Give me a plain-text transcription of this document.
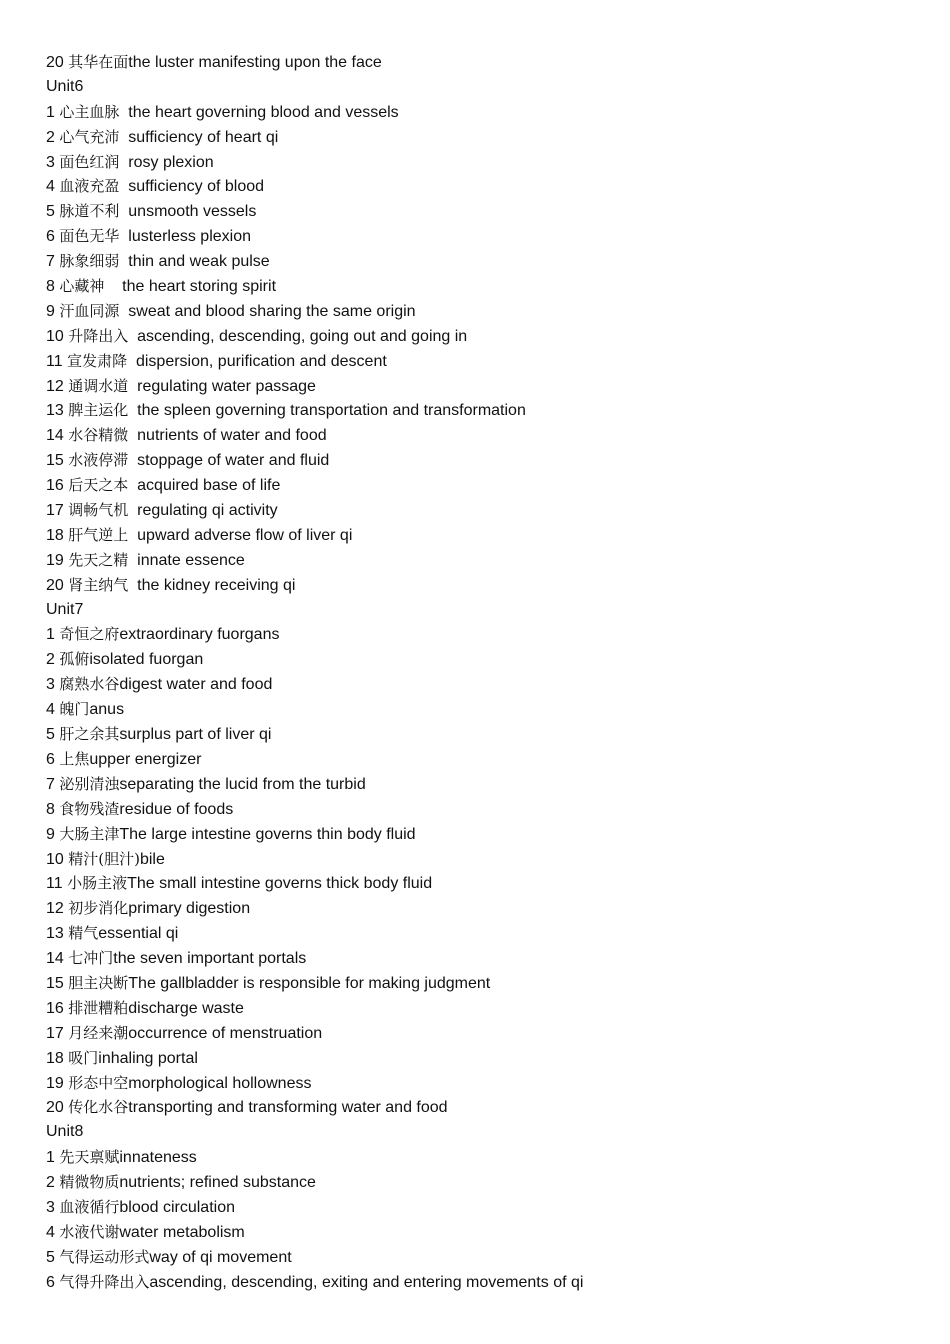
20 其华在面the luster manifesting upon the face
Unit6
1 心主血脉  the heart governing blood and vessels
2 心气充沛  sufficiency of heart qi
3 面色红润  rosy plexion
4 血液充盈  sufficiency of blood
5 脉道不利  unsmooth vessels
6 面色无华  lusterless plexion
7 脉象细弱  thin and weak pulse
8 心藏神    the heart storing spirit
9 汗血同源  sweat and blood sharing the same origin
10 升降出入  ascending, descending, going out and going in
11 宣发肃降  dispersion, purification and descent
12 通调水道  regulating water passage
13 脾主运化  the spleen governing transportation and transformation
14 水谷精微  nutrients of water and food
15 水液停滞  stoppage of water and fluid
16 后天之本  acquired base of life
17 调畅气机  regulating qi activity
18 肝气逆上  upward adverse flow of liver qi
19 先天之精  innate essence
20 肾主纳气  the kidney receiving qi
Unit7
1 奇恒之府extraordinary fuorgans
2 孤俯isolated fuorgan
3 腐熟水谷digest water and food
4 魄门anus
5 肝之余其surplus part of liver qi
6 上焦upper energizer
7 泌别清浊separating the lucid from the turbid
8 食物残渣residue of foods
9 大肠主津The large intestine governs thin body fluid
10 精汁(胆汁)bile
11 小肠主液The small intestine governs thick body fluid
12 初步消化primary digestion
13 精气essential qi
14 七冲门the seven important portals
15 胆主决断The gallbladder is responsible for making judgment
16 排泄糟粕discharge waste
17 月经来潮occurrence of menstruation
18 吸门inhaling portal
19 形态中空morphological hollowness
20 传化水谷transporting and transforming water and food
Unit8
1 先天禀赋innateness
2 精微物质nutrients; refined substance
3 血液循行blood circulation
4 水液代谢water metabolism
5 气得运动形式way of qi movement
6 气得升降出入ascending, descending, exiting and entering movements of qi
